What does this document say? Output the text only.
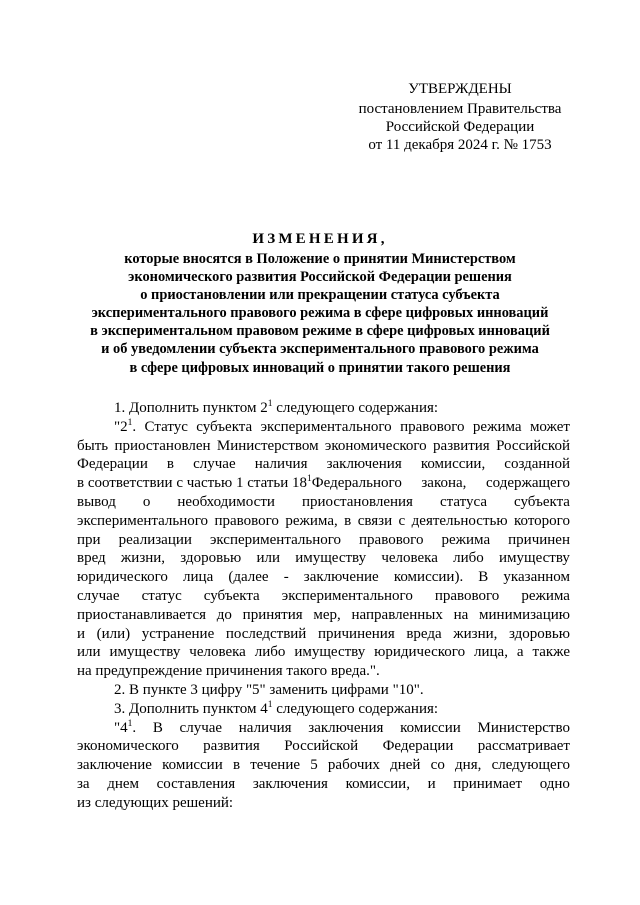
УТВЕРЖДЕНЫ
постановлением Правительства
Российской Федерации
от 11 декабря 2024 г. № 1753
ИЗМЕНЕНИЯ,
которые вносятся в Положение о принятии Министерством
экономического развития Российской Федерации решения
о приостановлении или прекращении статуса субъекта
экспериментального правового режима в сфере цифровых инноваций
в экспериментальном правовом режиме в сфере цифровых инноваций
и об уведомлении субъекта экспериментального правового режима
в сфере цифровых инноваций о принятии такого решения
1. Дополнить пунктом $2^1$ следующего содержания:
"$2^1$. Статус субъекта экспериментального правового режима может
быть приостановлен Министерством экономического развития Российской
Федерации в случае наличия заключения комиссии, созданной
в соответствии с частью 1 статьи $18^1Федерального$ закона, содержащего
вывод о необходимости приостановления статуса субъекта
экспериментального правового режима, в связи с деятельностью которого
при реализации экспериментального правового режима причинен
вред жизни, здоровью или имуществу человека либо имуществу
юридического лица (далее - заключение комиссии). В указанном
случае статус субъекта экспериментального правового режима
приостанавливается до принятия мер, направленных на минимизацию
и (или) устранение последствий причинения вреда жизни, здоровью
или имуществу человека либо имуществу юридического лица, а также
на предупреждение причинения такого вреда.".
2. В пункте 3 цифру "5" заменить цифрами "10".
3. Дополнить пунктом $4^1$ следующего содержания:
"$4^1$. В случае наличия заключения комиссии Министерство
экономического развития Российской Федерации рассматривает
заключение комиссии в течение 5 рабочих дней со дня, следующего
за днем составления заключения комиссии, и принимает одно
из следующих решений:
